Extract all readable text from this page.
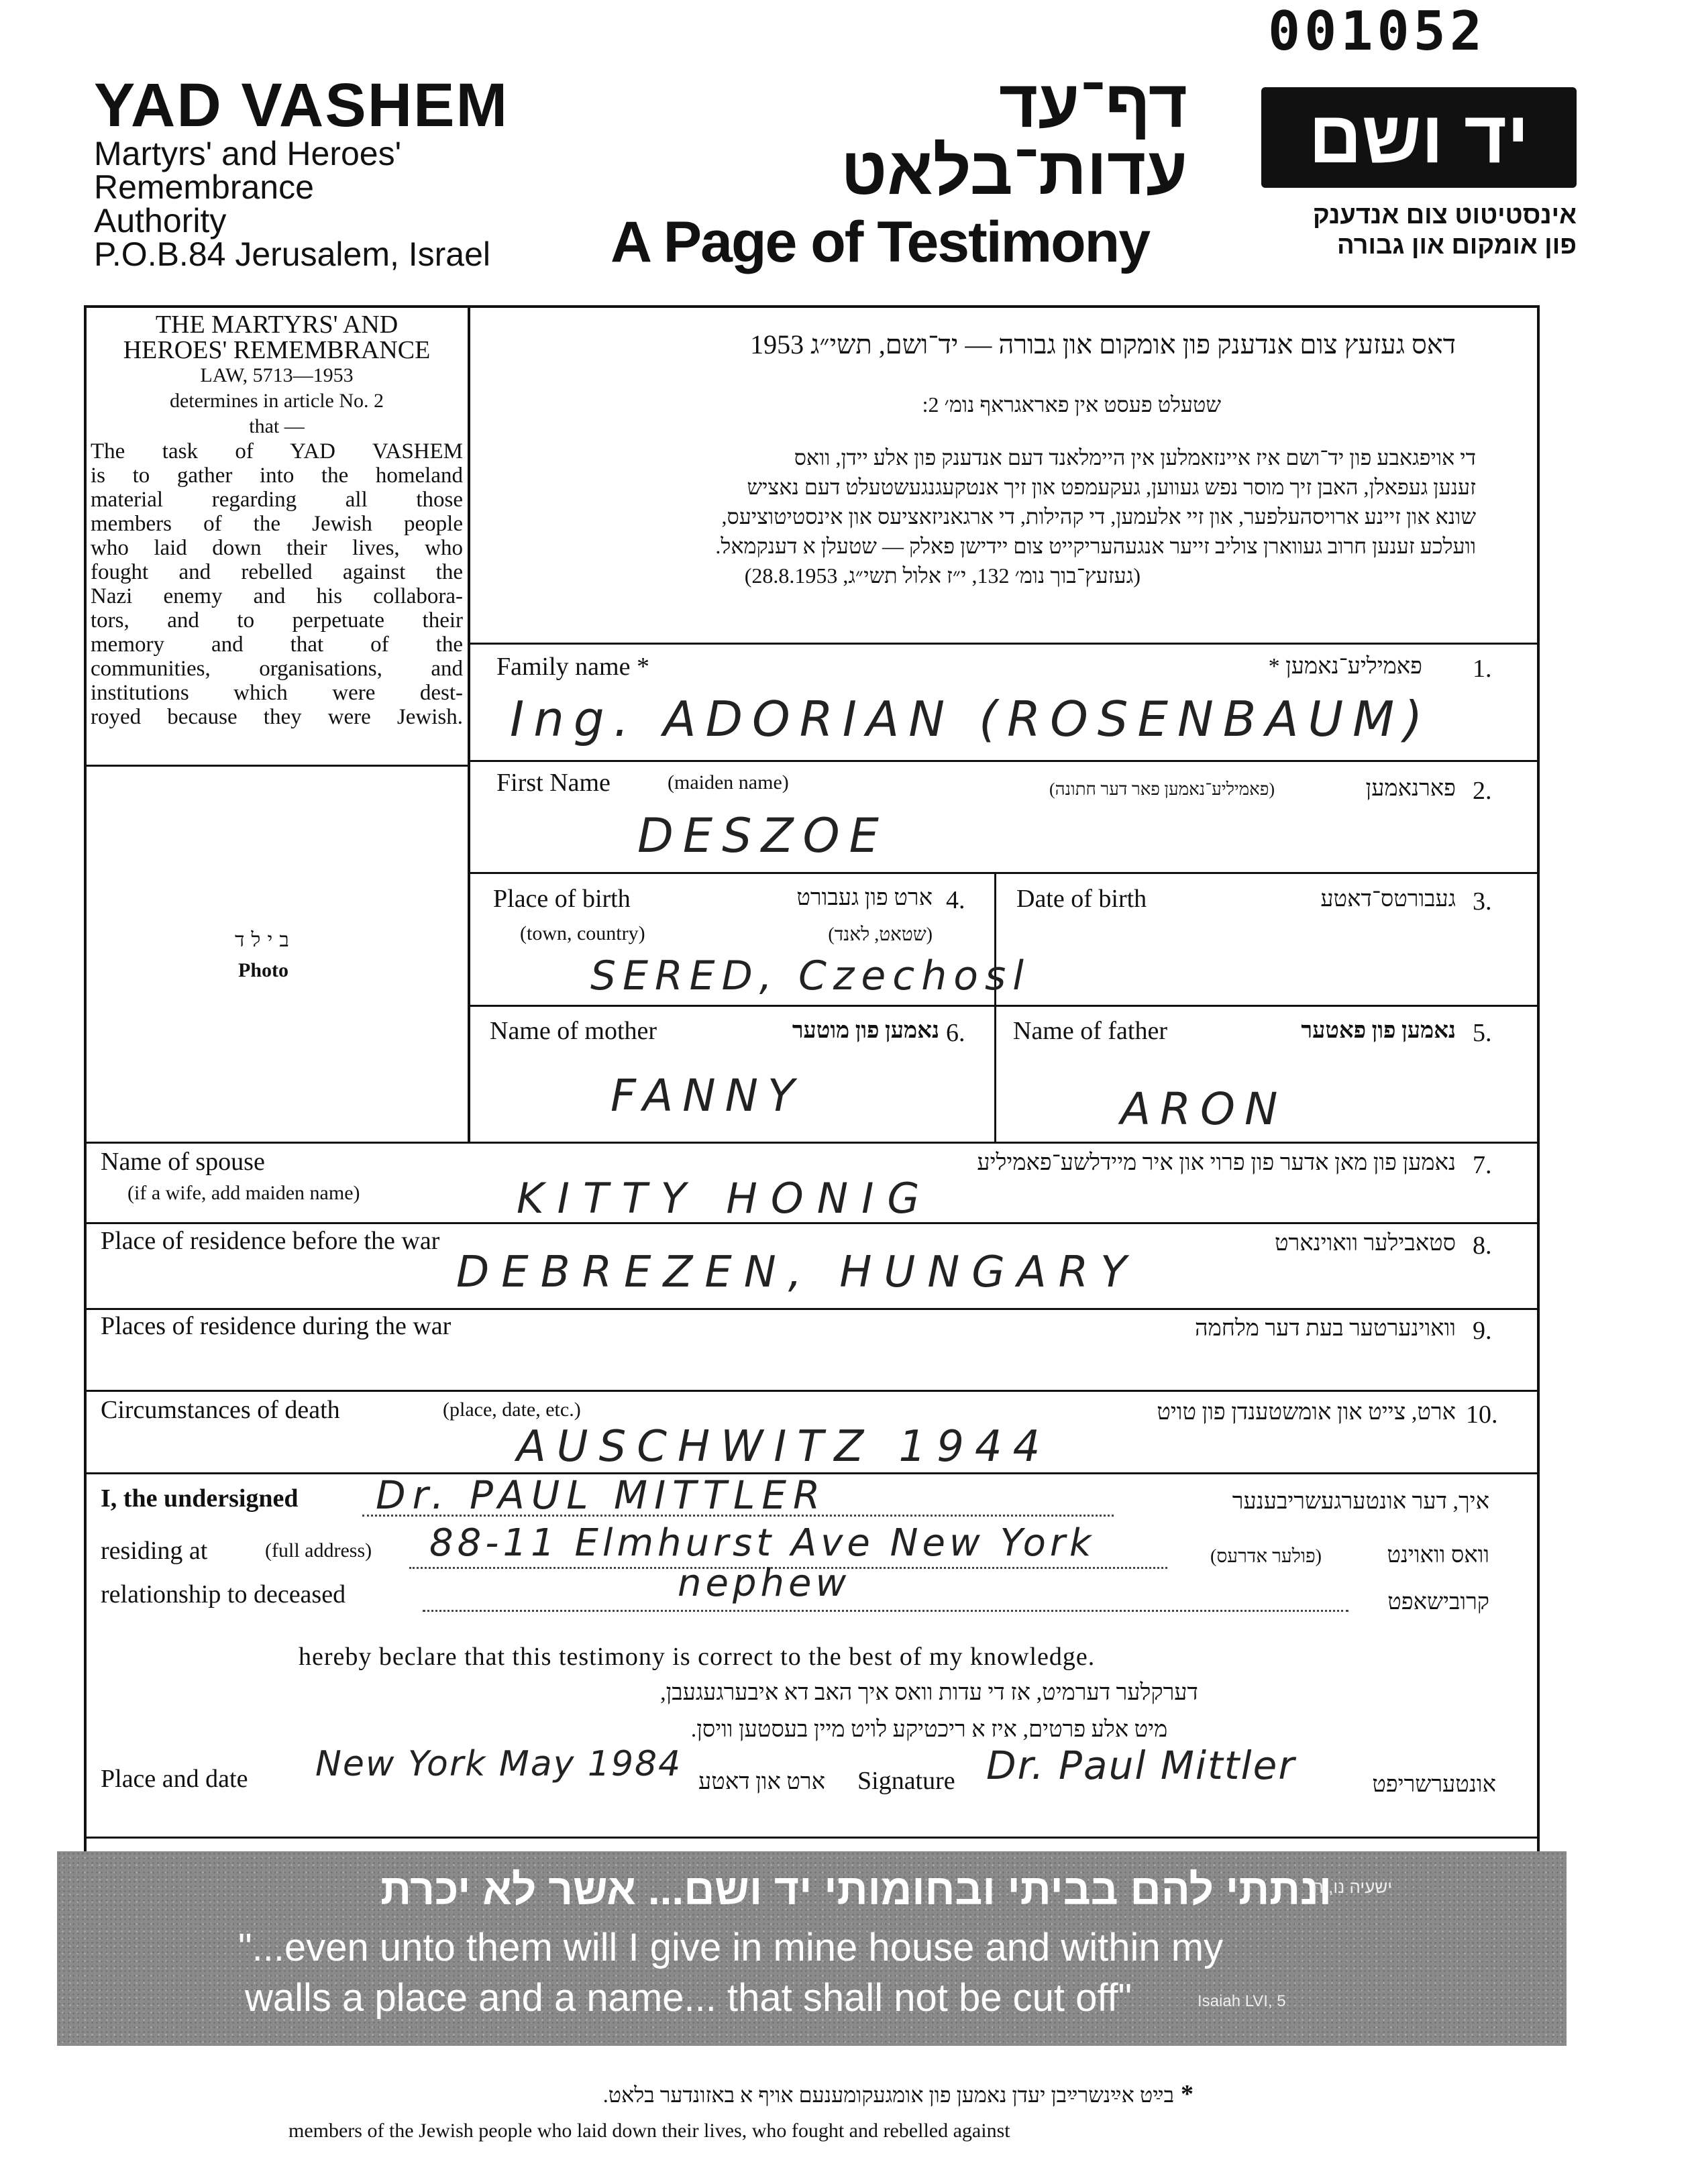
001052
YAD VASHEM
Martyrs' and Heroes'
Remembrance
Authority
P.O.B.84 Jerusalem, Israel
דף־עד
עדות־בלאט
A Page of Testimony
יד ושם
אינסטיטוט צום אנדענק
פון אומקום און גבורה
THE MARTYRS' AND
HEROES' REMEMBRANCE
LAW, 5713—1953
determines in article No. 2
that —
The task of YAD VASHEM
is to gather into the homeland
material regarding all those
members of the Jewish people
who laid down their lives, who
fought and rebelled against the
Nazi enemy and his collabora-
tors, and to perpetuate their
memory and that of the
communities, organisations, and
institutions which were dest-
royed because they were Jewish.
בילד
Photo
דאס געזעץ צום אנדענק פון אומקום און גבורה — יד־ושם, תשי״ג 1953
שטעלט פעסט אין פאראגראף נומ׳ 2:
די אויפגאבע פון יד־ושם איז איינזאמלען אין היימלאנד דעם אנדענק פון אלע יידן, וואס
זענען געפאלן, האבן זיך מוסר נפש געווען, געקעמפט און זיך אנטקעגנגעשטעלט דעם נאציש
שונא און זיינע ארויסהעלפער, און זיי אלעמען, די קהילות, די ארגאניזאציעס און אינסטיטוציעס,
וועלכע זענען חרוב געווארן צוליב זייער אנגעהעריקייט צום יידישן פאלק — שטעלן א דענקמאל.
(געזעץ־בוך נומ׳ 132, י״ז אלול תשי״ג, 28.8.1953)
Family name *	פאמיליע־נאמען * .1
Ing. ADORIAN (ROSENBAUM)
First Name	(maiden name)	פארנאמען
(פאמיליע־נאמען פאר דער חתונה)	.2
DESZOE
Place of birth
(town, country)
ארט פון געבורט
(שטאט, לאנד)
.4
SERED, Czechosl
Date of birth	געבורטס־דאטע .3
Name of mother	נאמען פון מוטער .6
FANNY
Name of father	נאמען פון פאטער .5
ARON
Name of spouse
(if a wife, add maiden name)
נאמען פון מאן אדער פון פרוי און איר מיידלשע־פאמיליע .7
KITTY HONIG
Place of residence before the war	סטאבילער וואוינארט .8
DEBREZEN, HUNGARY
Places of residence during the war	וואוינערטער בעת דער מלחמה .9
Circumstances of death	(place, date, etc.)	ארט, צייט און אומשטענדן פון טויט .10
AUSCHWITZ 1944
I, the undersigned Dr. PAUL MITTLER	איך, דער אונטערגעשריבענער
residing at	(full address) 88-11 Elmhurst Ave New York	(פולער אדרעס)	וואס וואוינט
relationship to deceased	nephew	קרובישאפט
hereby beclare that this testimony is correct to the best of my knowledge.
דערקלער דערמיט, אז די עדות וואס איך האב דא איבערגעגעבן,
מיט אלע פרטים, איז א ריכטיקע לויט מיין בעסטען וויסן.
Place and date New York May 1984 ארט און דאטע Signature Dr. Paul Mittler	אונטערשריפט
ונתתי להם בביתי ובחומותי יד ושם... אשר לא יכרת
ישעיה נו, ה
"...even unto them will I give in mine house and within my
walls a place and a name... that shall not be cut off"	Isaiah LVI, 5
*
בײַט אײַנשרײַבן יעדן נאמען פון אומגעקומענעם אויף א באזונדער בלאט.
members of the Jewish people who laid down their lives, who fought and rebelled against
